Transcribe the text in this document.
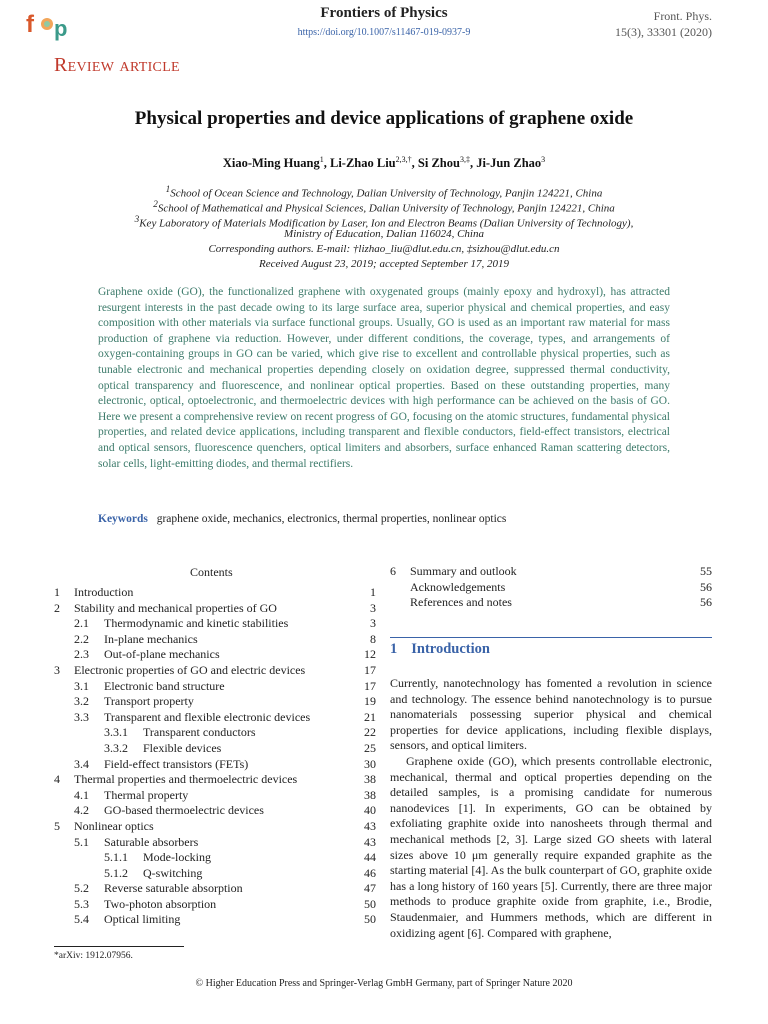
f p
Frontiers of Physics
https://doi.org/10.1007/s11467-019-0937-9
Front. Phys.
15(3), 33301 (2020)
Review article
Physical properties and device applications of graphene oxide
Xiao-Ming Huang$^1$, Li-Zhao Liu$^{2,3,\dagger}$, Si Zhou$^{3,\ddagger}$, Ji-Jun Zhao$^3$
$^1$School of Ocean Science and Technology, Dalian University of Technology, Panjin 124221, China
$^2$School of Mathematical and Physical Sciences, Dalian University of Technology, Panjin 124221, China
$^3$Key Laboratory of Materials Modification by Laser, Ion and Electron Beams (Dalian University of Technology),
Ministry of Education, Dalian 116024, China
Corresponding authors. E-mail: †lizhao_liu@dlut.edu.cn, ‡sizhou@dlut.edu.cn
Received August 23, 2019; accepted September 17, 2019
Graphene oxide (GO), the functionalized graphene with oxygenated groups (mainly epoxy and hydroxyl), has attracted resurgent interests in the past decade owing to its large surface area, superior physical and chemical properties, and easy composition with other materials via surface functional groups. Usually, GO is used as an important raw material for mass production of graphene via reduction. However, under different conditions, the coverage, types, and arrangements of oxygen-containing groups in GO can be varied, which give rise to excellent and controllable physical properties, such as tunable electronic and mechanical properties depending closely on oxidation degree, suppressed thermal conductivity, optical transparency and fluorescence, and nonlinear optical properties. Based on these outstanding properties, many electronic, optical, optoelectronic, and thermoelectric devices with high performance can be achieved on the basis of GO. Here we present a comprehensive review on recent progress of GO, focusing on the atomic structures, fundamental physical properties, and related device applications, including transparent and flexible conductors, field-effect transistors, electrical and optical sensors, fluorescence quenchers, optical limiters and absorbers, surface enhanced Raman scattering detectors, solar cells, light-emitting diodes, and thermal rectifiers.
Keywords graphene oxide, mechanics, electronics, thermal properties, nonlinear optics
Contents
1 Introduction	1
2 Stability and mechanical properties of GO	3
2.1 Thermodynamic and kinetic stabilities	3
2.2 In-plane mechanics	8
2.3 Out-of-plane mechanics	12
3 Electronic properties of GO and electric devices	17
3.1 Electronic band structure	17
3.2 Transport property	19
3.3 Transparent and flexible electronic devices	21
3.3.1 Transparent conductors	22
3.3.2 Flexible devices	25
3.4 Field-effect transistors (FETs)	30
4 Thermal properties and thermoelectric devices	38
4.1 Thermal property	38
4.2 GO-based thermoelectric devices	40
5 Nonlinear optics	43
5.1 Saturable absorbers	43
5.1.1 Mode-locking	44
5.1.2 Q-switching	46
5.2 Reverse saturable absorption	47
5.3 Two-photon absorption	50
5.4 Optical limiting	50
6 Summary and outlook	55
Acknowledgements	56
References and notes	56
1 Introduction

Currently, nanotechnology has fomented a revolution in science and technology. The essence behind nanotechnology is to pursue nanomaterials possessing superior physical and chemical properties for device applications, including flexible displays, sensors, and optical limiters.

Graphene oxide (GO), which presents controllable electronic, mechanical, thermal and optical properties depending on the detailed samples, is a promising candidate for numerous nanodevices [1]. In experiments, GO can be obtained by exfoliating graphite oxide into nanosheets through thermal and mechanical methods [2, 3]. Large sized GO sheets with lateral sizes above 10 μm generally require expanded graphite as the starting material [4]. As the bulk counterpart of GO, graphite oxide has a long history of 160 years [5]. Currently, there are three major methods to produce graphite oxide from graphite, i.e., Brodie, Staudenmaier, and Hummers methods, which are different in oxidizing agent [6]. Compared with graphene,

*arXiv: 1912.07956.
© Higher Education Press and Springer-Verlag GmbH Germany, part of Springer Nature 2020
